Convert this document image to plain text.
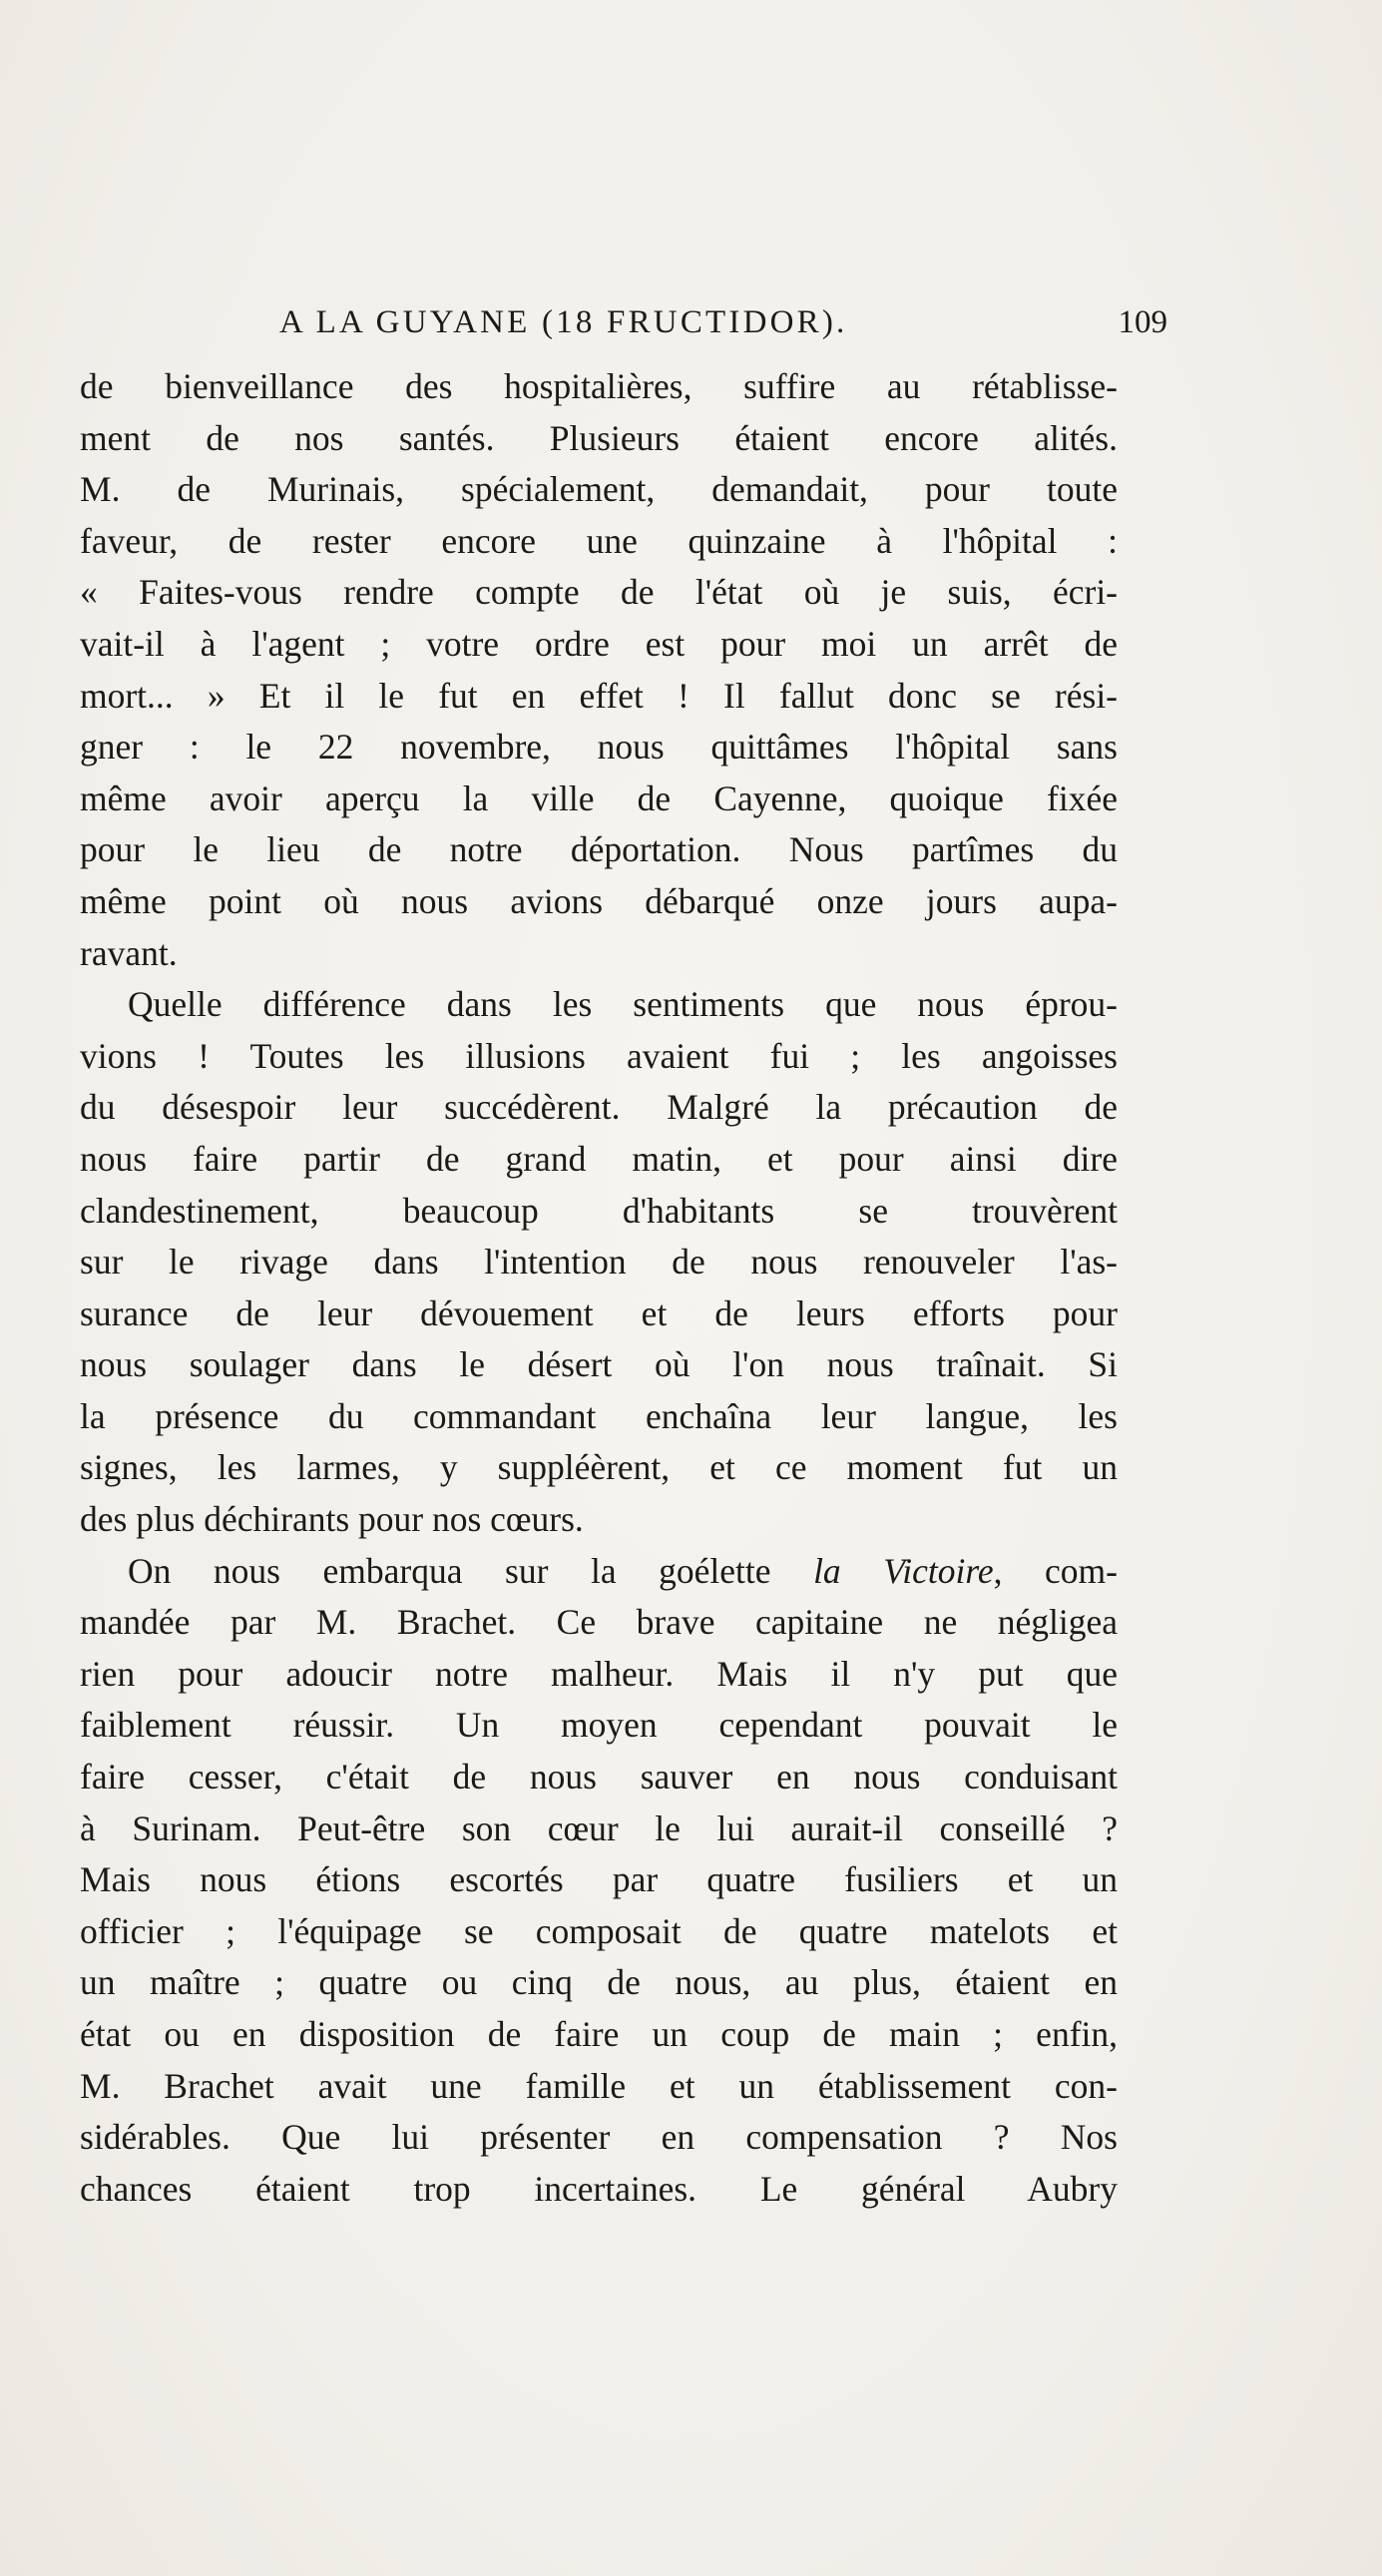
A LA GUYANE (18 FRUCTIDOR).	109
de bienveillance des hospitalières, suffire au rétablisse-
ment de nos santés. Plusieurs étaient encore alités.
M. de Murinais, spécialement, demandait, pour toute
faveur, de rester encore une quinzaine à l'hôpital :
« Faites-vous rendre compte de l'état où je suis, écri-
vait-il à l'agent ; votre ordre est pour moi un arrêt de
mort... » Et il le fut en effet ! Il fallut donc se rési-
gner : le 22 novembre, nous quittâmes l'hôpital sans
même avoir aperçu la ville de Cayenne, quoique fixée
pour le lieu de notre déportation. Nous partîmes du
même point où nous avions débarqué onze jours aupa-
ravant.
Quelle différence dans les sentiments que nous éprou-
vions ! Toutes les illusions avaient fui ; les angoisses
du désespoir leur succédèrent. Malgré la précaution de
nous faire partir de grand matin, et pour ainsi dire
clandestinement, beaucoup d'habitants se trouvèrent
sur le rivage dans l'intention de nous renouveler l'as-
surance de leur dévouement et de leurs efforts pour
nous soulager dans le désert où l'on nous traînait. Si
la présence du commandant enchaîna leur langue, les
signes, les larmes, y suppléèrent, et ce moment fut un
des plus déchirants pour nos cœurs.
On nous embarqua sur la goélette la Victoire, com-
mandée par M. Brachet. Ce brave capitaine ne négligea
rien pour adoucir notre malheur. Mais il n'y put que
faiblement réussir. Un moyen cependant pouvait le
faire cesser, c'était de nous sauver en nous conduisant
à Surinam. Peut-être son cœur le lui aurait-il conseillé ?
Mais nous étions escortés par quatre fusiliers et un
officier ; l'équipage se composait de quatre matelots et
un maître ; quatre ou cinq de nous, au plus, étaient en
état ou en disposition de faire un coup de main ; enfin,
M. Brachet avait une famille et un établissement con-
sidérables. Que lui présenter en compensation ? Nos
chances étaient trop incertaines. Le général Aubry
